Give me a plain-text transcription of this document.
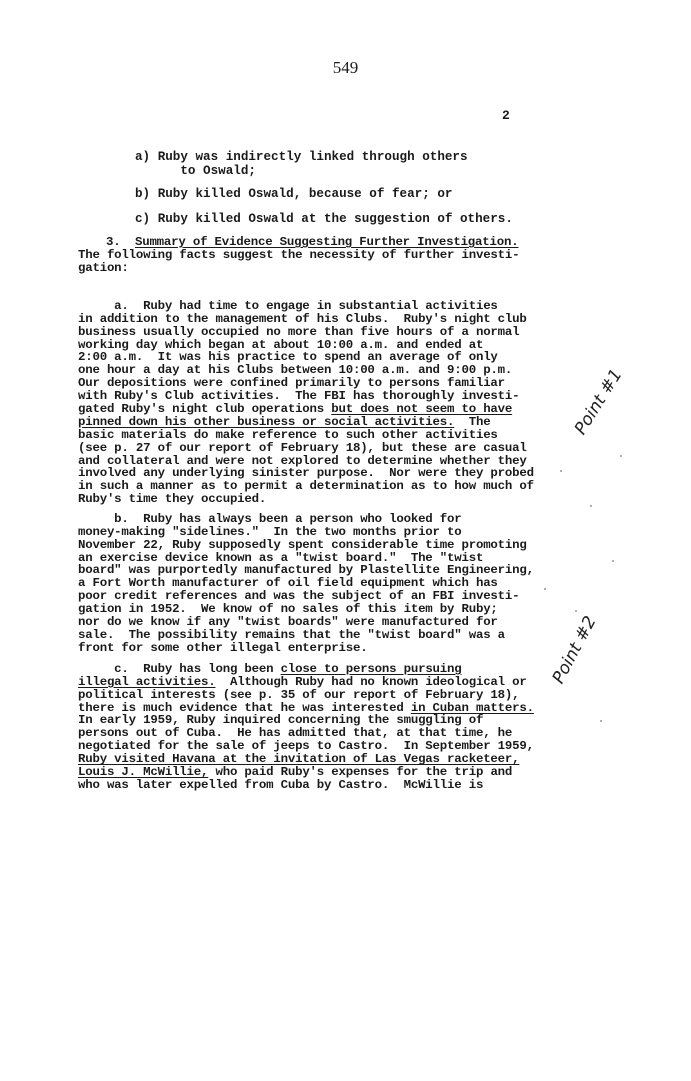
549
2
a) Ruby was indirectly linked through others
to Oswald;
b) Ruby killed Oswald, because of fear; or
c) Ruby killed Oswald at the suggestion of others.
3. Summary of Evidence Suggesting Further Investigation.
The following facts suggest the necessity of further investi-
gation:

a.  Ruby had time to engage in substantial activities
in addition to the management of his Clubs.  Ruby's night club
business usually occupied no more than five hours of a normal
working day which began at about 10:00 a.m. and ended at
2:00 a.m.  It was his practice to spend an average of only
one hour a day at his Clubs between 10:00 a.m. and 9:00 p.m.
Our depositions were confined primarily to persons familiar
with Ruby's Club activities.  The FBI has thoroughly investi-
gated Ruby's night club operations but does not seem to have
pinned down his other business or social activities.  The
basic materials do make reference to such other activities
(see p. 27 of our report of February 18), but these are casual
and collateral and were not explored to determine whether they
involved any underlying sinister purpose.  Nor were they probed
in such a manner as to permit a determination as to how much of
Ruby's time they occupied.

b.  Ruby has always been a person who looked for
money-making "sidelines."  In the two months prior to
November 22, Ruby supposedly spent considerable time promoting
an exercise device known as a "twist board."  The "twist
board" was purportedly manufactured by Plastellite Engineering,
a Fort Worth manufacturer of oil field equipment which has
poor credit references and was the subject of an FBI investi-
gation in 1952.  We know of no sales of this item by Ruby;
nor do we know if any "twist boards" were manufactured for
sale.  The possibility remains that the "twist board" was a
front for some other illegal enterprise.

c.  Ruby has long been close to persons pursuing
illegal activities.  Although Ruby had no known ideological or
political interests (see p. 35 of our report of February 18),
there is much evidence that he was interested in Cuban matters.
In early 1959, Ruby inquired concerning the smuggling of
persons out of Cuba.  He has admitted that, at that time, he
negotiated for the sale of jeeps to Castro.  In September 1959,
Ruby visited Havana at the invitation of Las Vegas racketeer,
Louis J. McWillie, who paid Ruby's expenses for the trip and
who was later expelled from Cuba by Castro.  McWillie is

Point #1
Point #2
